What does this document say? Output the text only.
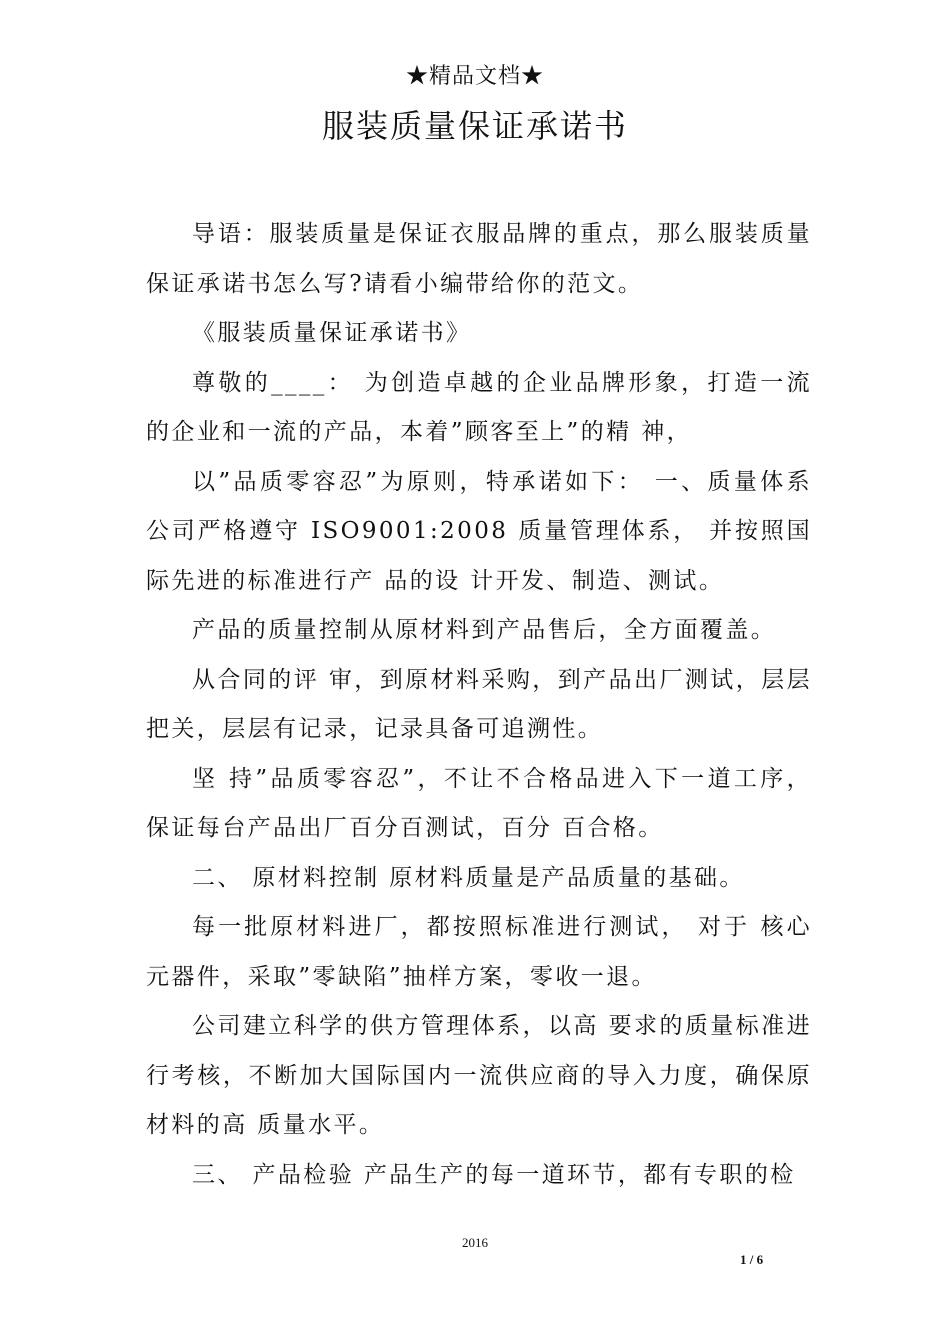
★精品文档★
服装质量保证承诺书

导语：服装质量是保证衣服品牌的重点，那么服装质量保证承诺书怎么写?请看小编带给你的范文。

《服装质量保证承诺书》

尊敬的____： 为创造卓越的企业品牌形象，打造一流的企业和一流的产品，本着”顾客至上”的精 神，

以”品质零容忍”为原则，特承诺如下： 一、质量体系 公司严格遵守 ISO9001:2008 质量管理体系， 并按照国际先进的标准进行产 品的设 计开发、制造、测试。

产品的质量控制从原材料到产品售后，全方面覆盖。

从合同的评 审，到原材料采购，到产品出厂测试，层层把关，层层有记录，记录具备可追溯性。

坚 持”品质零容忍”，不让不合格品进入下一道工序，保证每台产品出厂百分百测试，百分 百合格。

二、 原材料控制 原材料质量是产品质量的基础。

每一批原材料进厂，都按照标准进行测试， 对于 核心元器件，采取”零缺陷”抽样方案，零收一退。

公司建立科学的供方管理体系，以高 要求的质量标准进行考核，不断加大国际国内一流供应商的导入力度，确保原材料的高 质量水平。

三、 产品检验 产品生产的每一道环节，都有专职的检

2016
1 / 6
